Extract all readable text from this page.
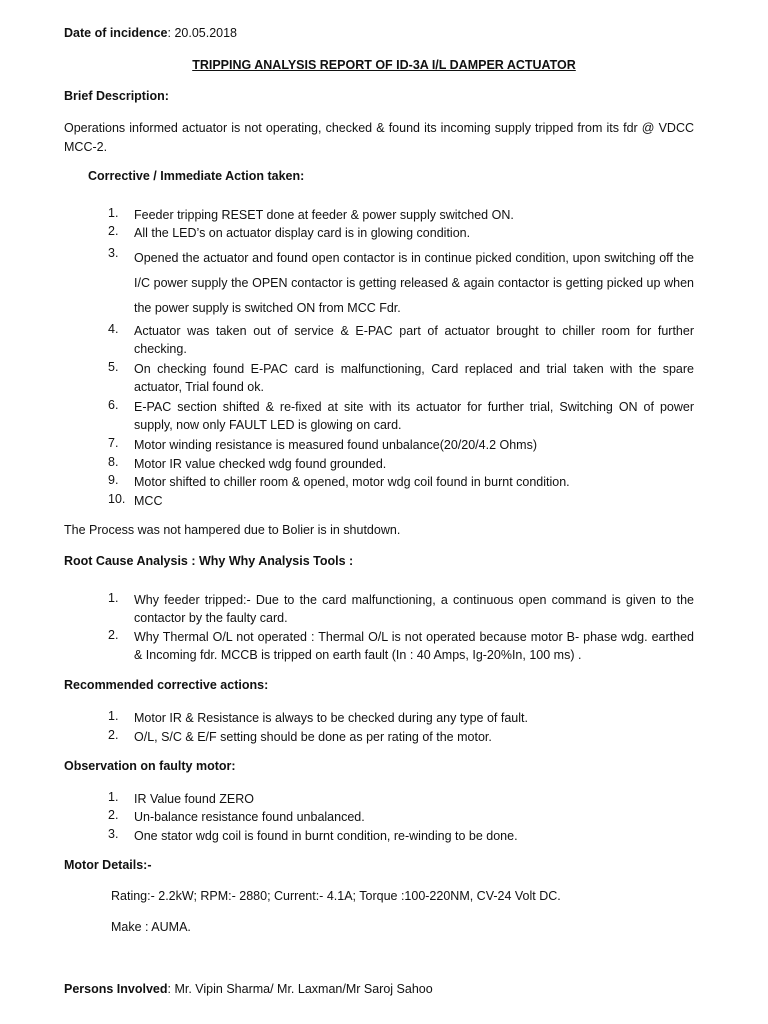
Date of incidence: 20.05.2018
TRIPPING ANALYSIS REPORT OF ID-3A I/L DAMPER ACTUATOR
Brief Description:
Operations informed actuator is not operating, checked & found its incoming supply tripped from its fdr @ VDCC MCC-2.
Corrective / Immediate Action taken:
1.	Feeder tripping RESET done at feeder & power supply switched ON.
2.	All the LED’s on actuator display card is in glowing condition.
3.	Opened the actuator and found open contactor is in continue picked condition, upon switching off the I/C power supply the OPEN contactor is getting released & again contactor is getting picked up when the power supply is switched ON from MCC Fdr.
4.	Actuator was taken out of service & E-PAC part of actuator brought to chiller room for further checking.
5.	On checking found E-PAC card is malfunctioning, Card replaced and trial taken with the spare actuator, Trial found ok.
6.	E-PAC section shifted & re-fixed at site with its actuator for further trial, Switching ON of power supply, now only FAULT LED is glowing on card.
7.	Motor winding resistance is measured found unbalance(20/20/4.2 Ohms)
8.	Motor IR value checked wdg found grounded.
9.	Motor shifted to chiller room & opened, motor wdg coil found in burnt condition.
10. MCC
The Process was not hampered due to Bolier is in shutdown.
Root Cause Analysis : Why Why Analysis Tools :
1.	Why feeder tripped:- Due to the card malfunctioning, a continuous open command is given to the contactor by the faulty card.
2.	Why Thermal O/L not operated : Thermal O/L is not operated because motor B- phase wdg. earthed & Incoming fdr. MCCB is tripped on earth fault (In : 40 Amps, Ig-20%In, 100 ms) .
Recommended corrective actions:
1.	Motor IR & Resistance is always to be checked during any type of fault.
2.	O/L, S/C & E/F setting should be done as per rating of the motor.
Observation on faulty motor:
1.	IR Value found ZERO
2.	Un-balance resistance found unbalanced.
3.	One stator wdg coil is found in burnt condition, re-winding to be done.
Motor Details:-
Rating:- 2.2kW; RPM:- 2880; Current:- 4.1A; Torque :100-220NM, CV-24 Volt DC.
Make : AUMA.
Persons Involved: Mr. Vipin Sharma/ Mr. Laxman/Mr Saroj Sahoo
